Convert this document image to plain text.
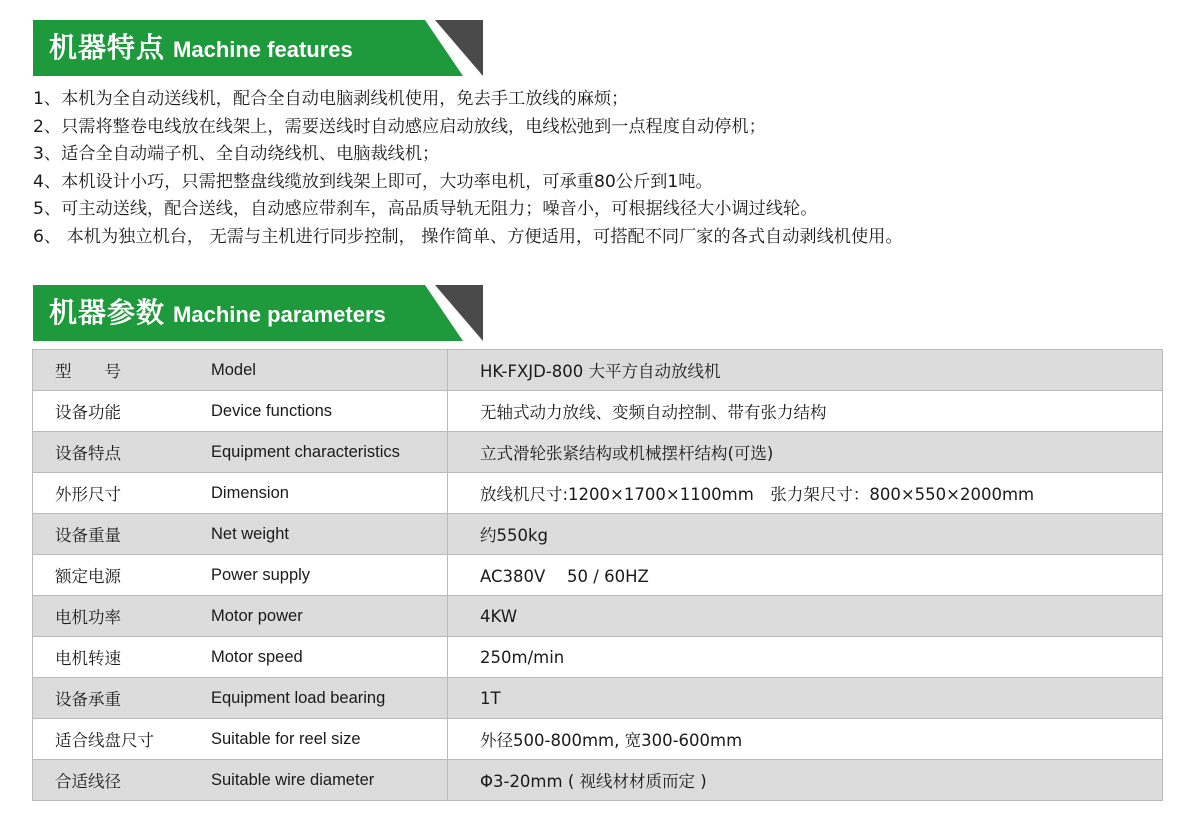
机器特点 Machine features
1、本机为全自动送线机，配合全自动电脑剥线机使用，免去手工放线的麻烦；
2、只需将整卷电线放在线架上，需要送线时自动感应启动放线，电线松弛到一点程度自动停机；
3、适合全自动端子机、全自动绕线机、电脑裁线机；
4、本机设计小巧，只需把整盘线缆放到线架上即可，大功率电机，可承重80公斤到1吨。
5、可主动送线，配合送线，自动感应带刹车，高品质导轨无阻力；噪音小，可根据线径大小调过线轮。
6、 本机为独立机台， 无需与主机进行同步控制， 操作简单、方便适用，可搭配不同厂家的各式自动剥线机使用。
机器参数 Machine parameters
型　　号	Model	HK-FXJD-800 大平方自动放线机
设备功能	Device functions	无轴式动力放线、变频自动控制、带有张力结构
设备特点	Equipment characteristics	立式滑轮张紧结构或机械摆杆结构(可选)
外形尺寸	Dimension	放线机尺寸:1200×1700×1100mm　张力架尺寸：800×550×2000mm
设备重量	Net weight	约550kg
额定电源	Power supply	AC380V　 50 / 60HZ
电机功率	Motor power	4KW
电机转速	Motor speed	250m/min
设备承重	Equipment load bearing	1T
适合线盘尺寸	Suitable for reel size	外径500-800mm, 宽300-600mm
合适线径	Suitable wire diameter	Φ3-20mm ( 视线材材质而定 )
